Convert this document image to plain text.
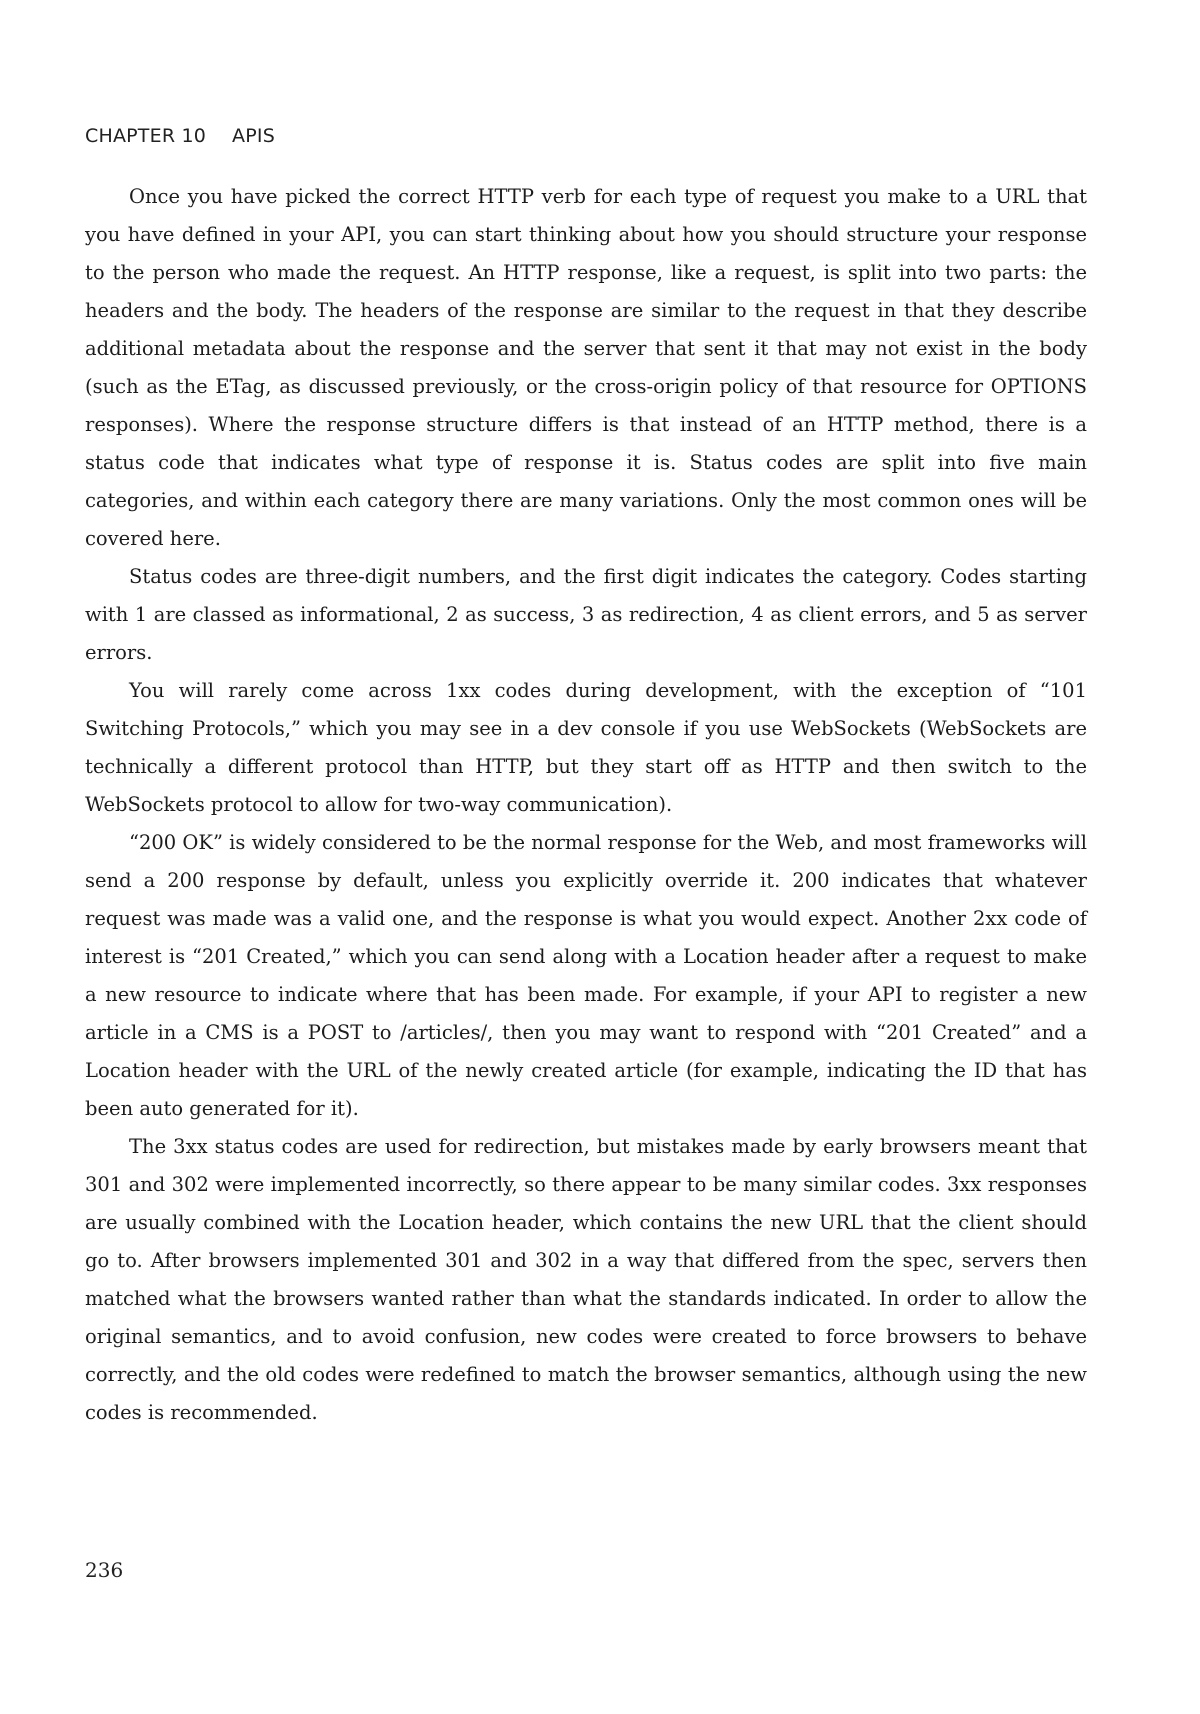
CHAPTER 10 APIS

Once you have picked the correct HTTP verb for each type of request you make to a URL that you have defined in your API, you can start thinking about how you should structure your response to the person who made the request. An HTTP response, like a request, is split into two parts: the headers and the body. The headers of the response are similar to the request in that they describe additional metadata about the response and the server that sent it that may not exist in the body (such as the ETag, as discussed previously, or the cross-origin policy of that resource for OPTIONS responses). Where the response structure differs is that instead of an HTTP method, there is a status code that indicates what type of response it is. Status codes are split into five main categories, and within each category there are many variations. Only the most common ones will be covered here.

Status codes are three-digit numbers, and the first digit indicates the category. Codes starting with 1 are classed as informational, 2 as success, 3 as redirection, 4 as client errors, and 5 as server errors.

You will rarely come across 1xx codes during development, with the exception of “101 Switching Protocols,” which you may see in a dev console if you use WebSockets (WebSockets are technically a different protocol than HTTP, but they start off as HTTP and then switch to the WebSockets protocol to allow for two-way communication).

“200 OK” is widely considered to be the normal response for the Web, and most frameworks will send a 200 response by default, unless you explicitly override it. 200 indicates that whatever request was made was a valid one, and the response is what you would expect. Another 2xx code of interest is “201 Created,” which you can send along with a Location header after a request to make a new resource to indicate where that has been made. For example, if your API to register a new article in a CMS is a POST to /articles/, then you may want to respond with “201 Created” and a Location header with the URL of the newly created article (for example, indicating the ID that has been auto generated for it).

The 3xx status codes are used for redirection, but mistakes made by early browsers meant that 301 and 302 were implemented incorrectly, so there appear to be many similar codes. 3xx responses are usually combined with the Location header, which contains the new URL that the client should go to. After browsers implemented 301 and 302 in a way that differed from the spec, servers then matched what the browsers wanted rather than what the standards indicated. In order to allow the original semantics, and to avoid confusion, new codes were created to force browsers to behave correctly, and the old codes were redefined to match the browser semantics, although using the new codes is recommended.

236
